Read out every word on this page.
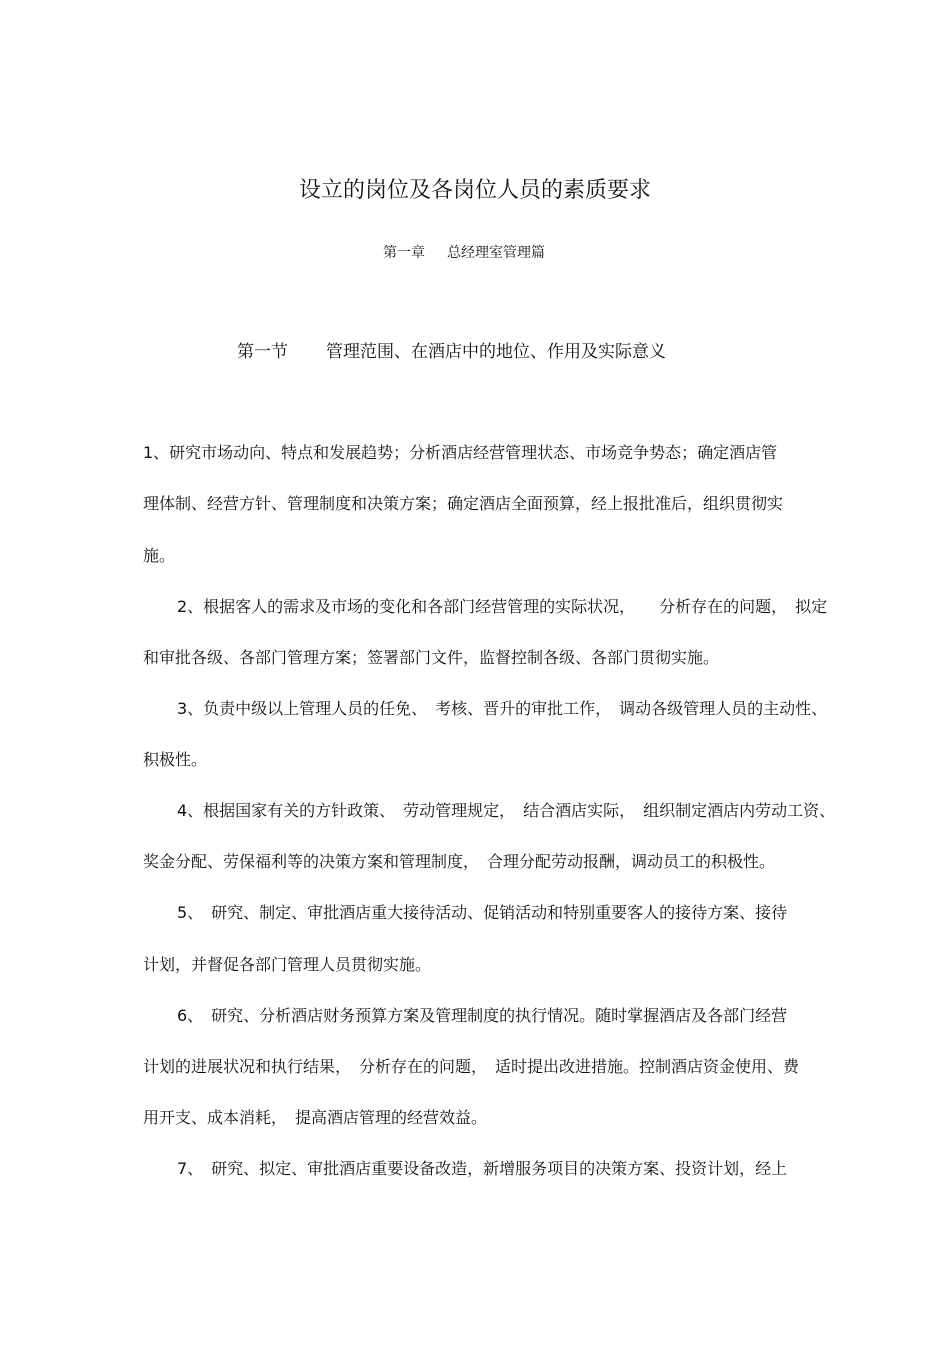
设立的岗位及各岗位人员的素质要求
第一章 总经理室管理篇
第一节 管理范围、在酒店中的地位、作用及实际意义
1、研究市场动向、特点和发展趋势；分析酒店经营管理状态、市场竞争势态；确定酒店管
理体制、经营方针、管理制度和决策方案；确定酒店全面预算，经上报批准后，组织贯彻实
施。
2、根据客人的需求及市场的变化和各部门经营管理的实际状况，　　分析存在的问题，　拟定
和审批各级、各部门管理方案；签署部门文件，监督控制各级、各部门贯彻实施。
3、负责中级以上管理人员的任免、　考核、晋升的审批工作，　调动各级管理人员的主动性、
积极性。
4、根据国家有关的方针政策、　劳动管理规定，　结合酒店实际，　组织制定酒店内劳动工资、
奖金分配、劳保福利等的决策方案和管理制度，　合理分配劳动报酬，调动员工的积极性。
5、　研究、制定、审批酒店重大接待活动、促销活动和特别重要客人的接待方案、接待
计划，并督促各部门管理人员贯彻实施。
6、　研究、分析酒店财务预算方案及管理制度的执行情况。随时掌握酒店及各部门经营
计划的进展状况和执行结果，　分析存在的问题，　适时提出改进措施。控制酒店资金使用、费
用开支、成本消耗，　提高酒店管理的经营效益。
7、　研究、拟定、审批酒店重要设备改造，新增服务项目的决策方案、投资计划，经上
